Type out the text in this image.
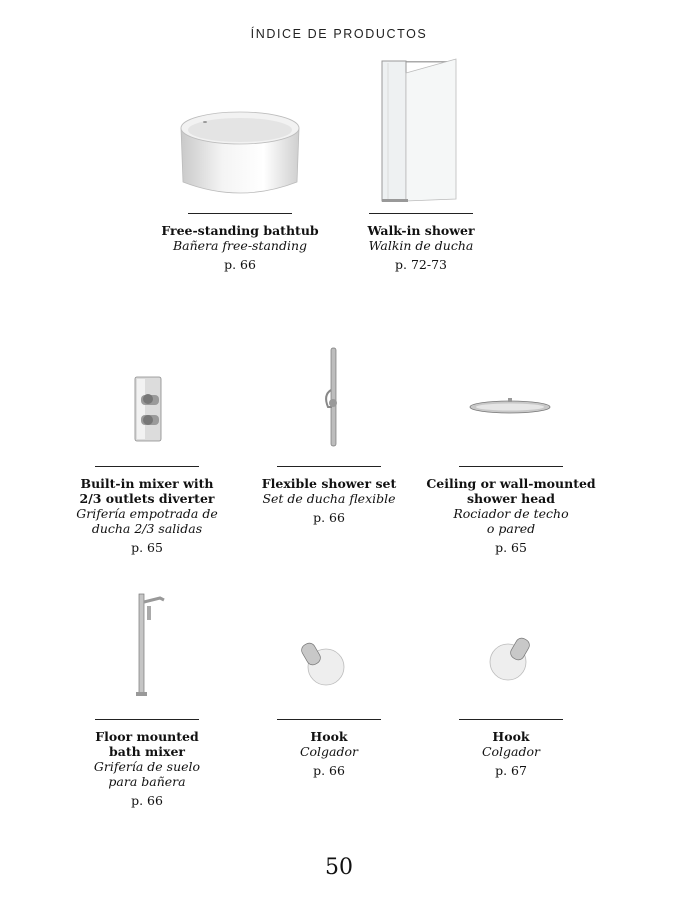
ÍNDICE DE PRODUCTOS
Free-standing bathtub
Bañera free-standing
p. 66
Walk-in shower
Walkin de ducha
p. 72-73
Built-in mixer with
2/3 outlets diverter
Grifería empotrada de
ducha 2/3 salidas
p. 65
Flexible shower set
Set de ducha flexible
p. 66
Ceiling or wall-mounted
shower head
Rociador de techo
o pared
p. 65
Floor mounted
bath mixer
Grifería de suelo
para bañera
p. 66
Hook
Colgador
p. 66
Hook
Colgador
p. 67
50
